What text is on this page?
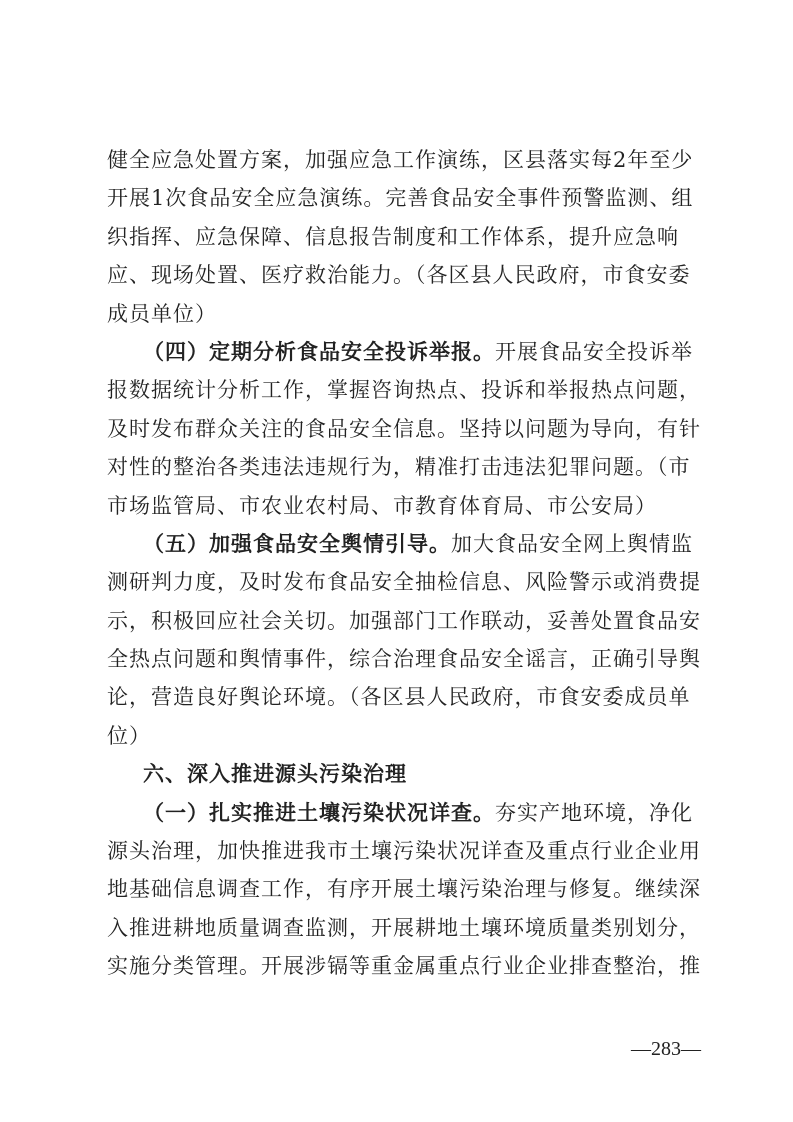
健全应急处置方案，加强应急工作演练，区县落实每2年至少
开展1次食品安全应急演练。完善食品安全事件预警监测、组
织指挥、应急保障、信息报告制度和工作体系，提升应急响
应、现场处置、医疗救治能力。（各区县人民政府，市食安委
成员单位）
（四）定期分析食品安全投诉举报。开展食品安全投诉举
报数据统计分析工作，掌握咨询热点、投诉和举报热点问题，
及时发布群众关注的食品安全信息。坚持以问题为导向，有针
对性的整治各类违法违规行为，精准打击违法犯罪问题。（市
市场监管局、市农业农村局、市教育体育局、市公安局）
（五）加强食品安全舆情引导。加大食品安全网上舆情监
测研判力度，及时发布食品安全抽检信息、风险警示或消费提
示，积极回应社会关切。加强部门工作联动，妥善处置食品安
全热点问题和舆情事件，综合治理食品安全谣言，正确引导舆
论，营造良好舆论环境。（各区县人民政府，市食安委成员单
位）
六、深入推进源头污染治理
（一）扎实推进土壤污染状况详查。夯实产地环境，净化
源头治理，加快推进我市土壤污染状况详查及重点行业企业用
地基础信息调查工作，有序开展土壤污染治理与修复。继续深
入推进耕地质量调查监测，开展耕地土壤环境质量类别划分，
实施分类管理。开展涉镉等重金属重点行业企业排查整治，推
—283—
